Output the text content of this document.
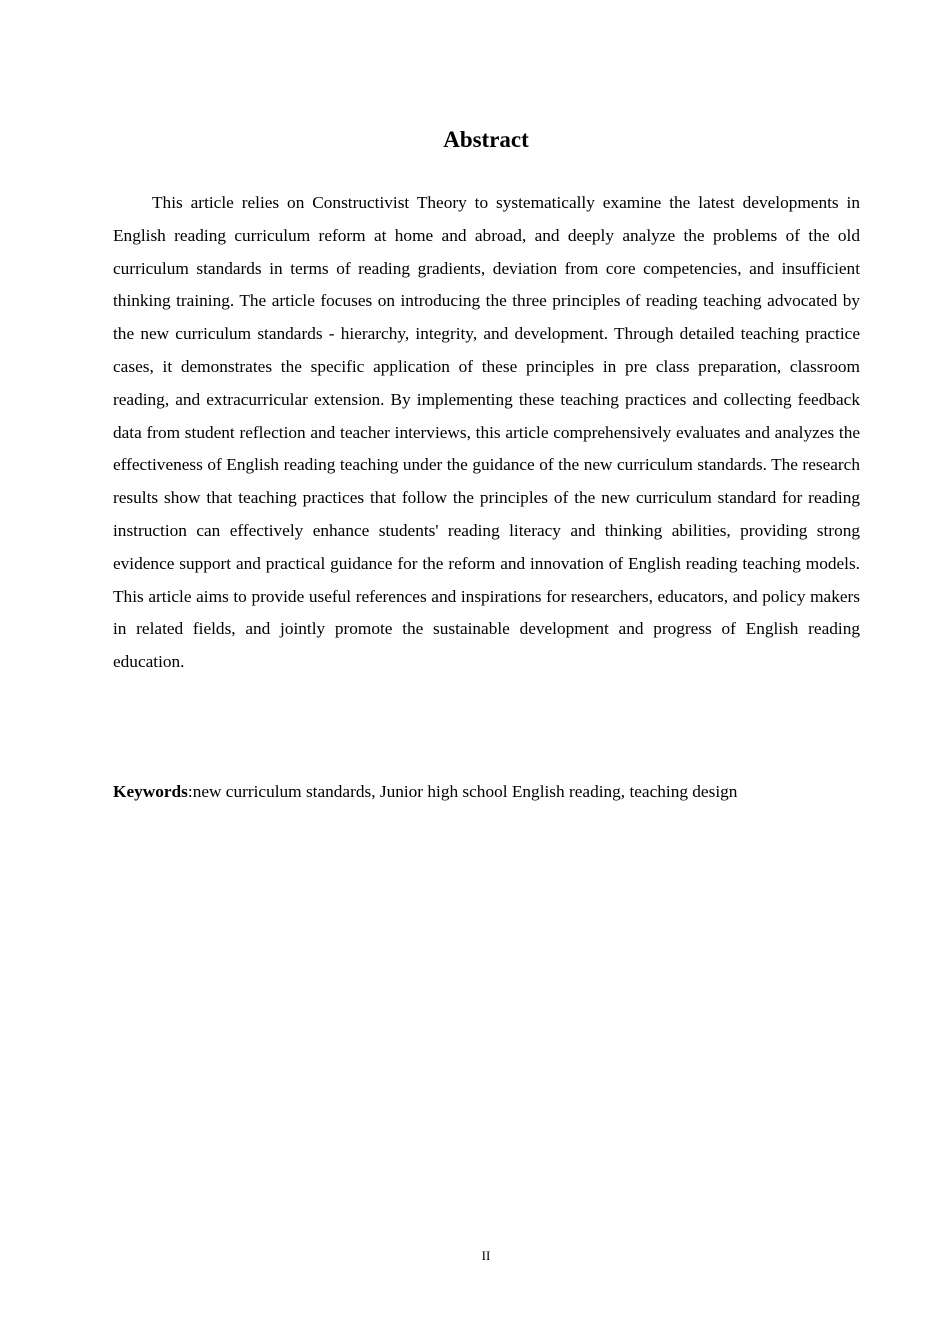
Abstract

This article relies on Constructivist Theory to systematically examine the latest developments in English reading curriculum reform at home and abroad, and deeply analyze the problems of the old curriculum standards in terms of reading gradients, deviation from core competencies, and insufficient thinking training. The article focuses on introducing the three principles of reading teaching advocated by the new curriculum standards - hierarchy, integrity, and development. Through detailed teaching practice cases, it demonstrates the specific application of these principles in pre class preparation, classroom reading, and extracurricular extension. By implementing these teaching practices and collecting feedback data from student reflection and teacher interviews, this article comprehensively evaluates and analyzes the effectiveness of English reading teaching under the guidance of the new curriculum standards. The research results show that teaching practices that follow the principles of the new curriculum standard for reading instruction can effectively enhance students' reading literacy and thinking abilities, providing strong evidence support and practical guidance for the reform and innovation of English reading teaching models. This article aims to provide useful references and inspirations for researchers, educators, and policy makers in related fields, and jointly promote the sustainable development and progress of English reading education.

Keywords:new curriculum standards, Junior high school English reading, teaching design

II
